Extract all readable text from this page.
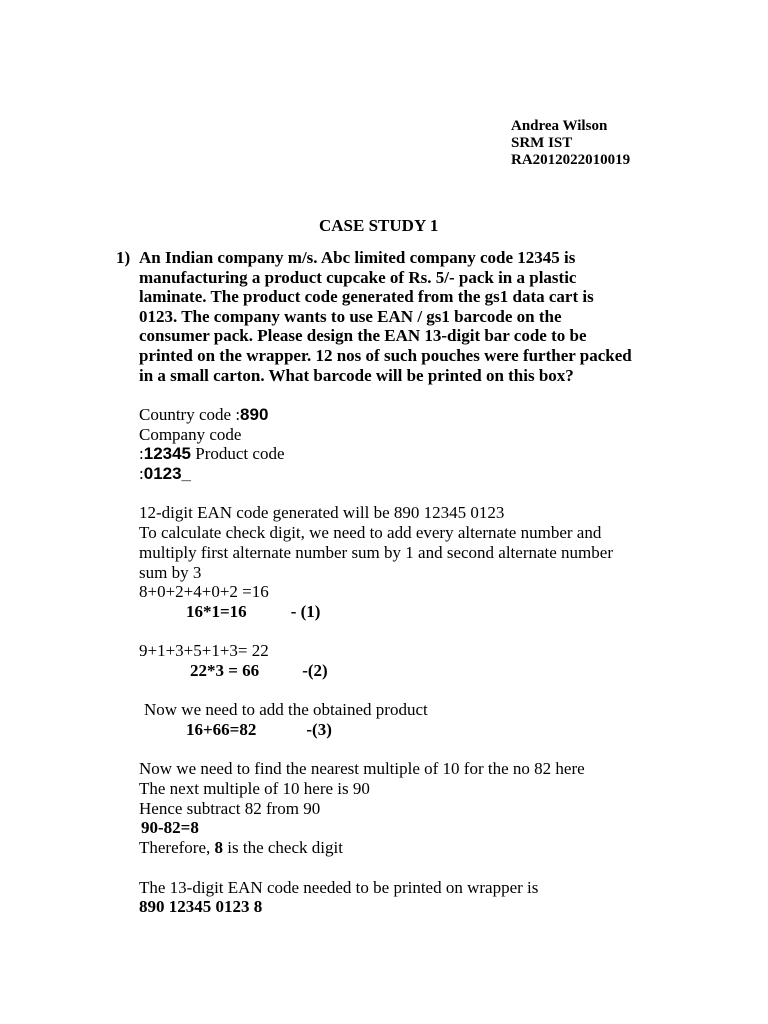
Andrea Wilson
SRM IST
RA2012022010019
CASE STUDY 1
1) An Indian company m/s. Abc limited company code 12345 is
manufacturing a product cupcake of Rs. 5/- pack in a plastic
laminate. The product code generated from the gs1 data cart is
0123. The company wants to use EAN / gs1 barcode on the
consumer pack. Please design the EAN 13-digit bar code to be
printed on the wrapper. 12 nos of such pouches were further packed
in a small carton. What barcode will be printed on this box?
Country code :890
Company code
:12345 Product code
:0123_
12-digit EAN code generated will be 890 12345 0123
To calculate check digit, we need to add every alternate number and
multiply first alternate number sum by 1 and second alternate number
sum by 3
8+0+2+4+0+2 =16
16*1=16	- (1)
9+1+3+5+1+3= 22
22*3 = 66	-(2)
Now we need to add the obtained product
16+66=82	-(3)
Now we need to find the nearest multiple of 10 for the no 82 here
The next multiple of 10 here is 90
Hence subtract 82 from 90
90-82=8
Therefore, 8 is the check digit
The 13-digit EAN code needed to be printed on wrapper is
890 12345 0123 8
